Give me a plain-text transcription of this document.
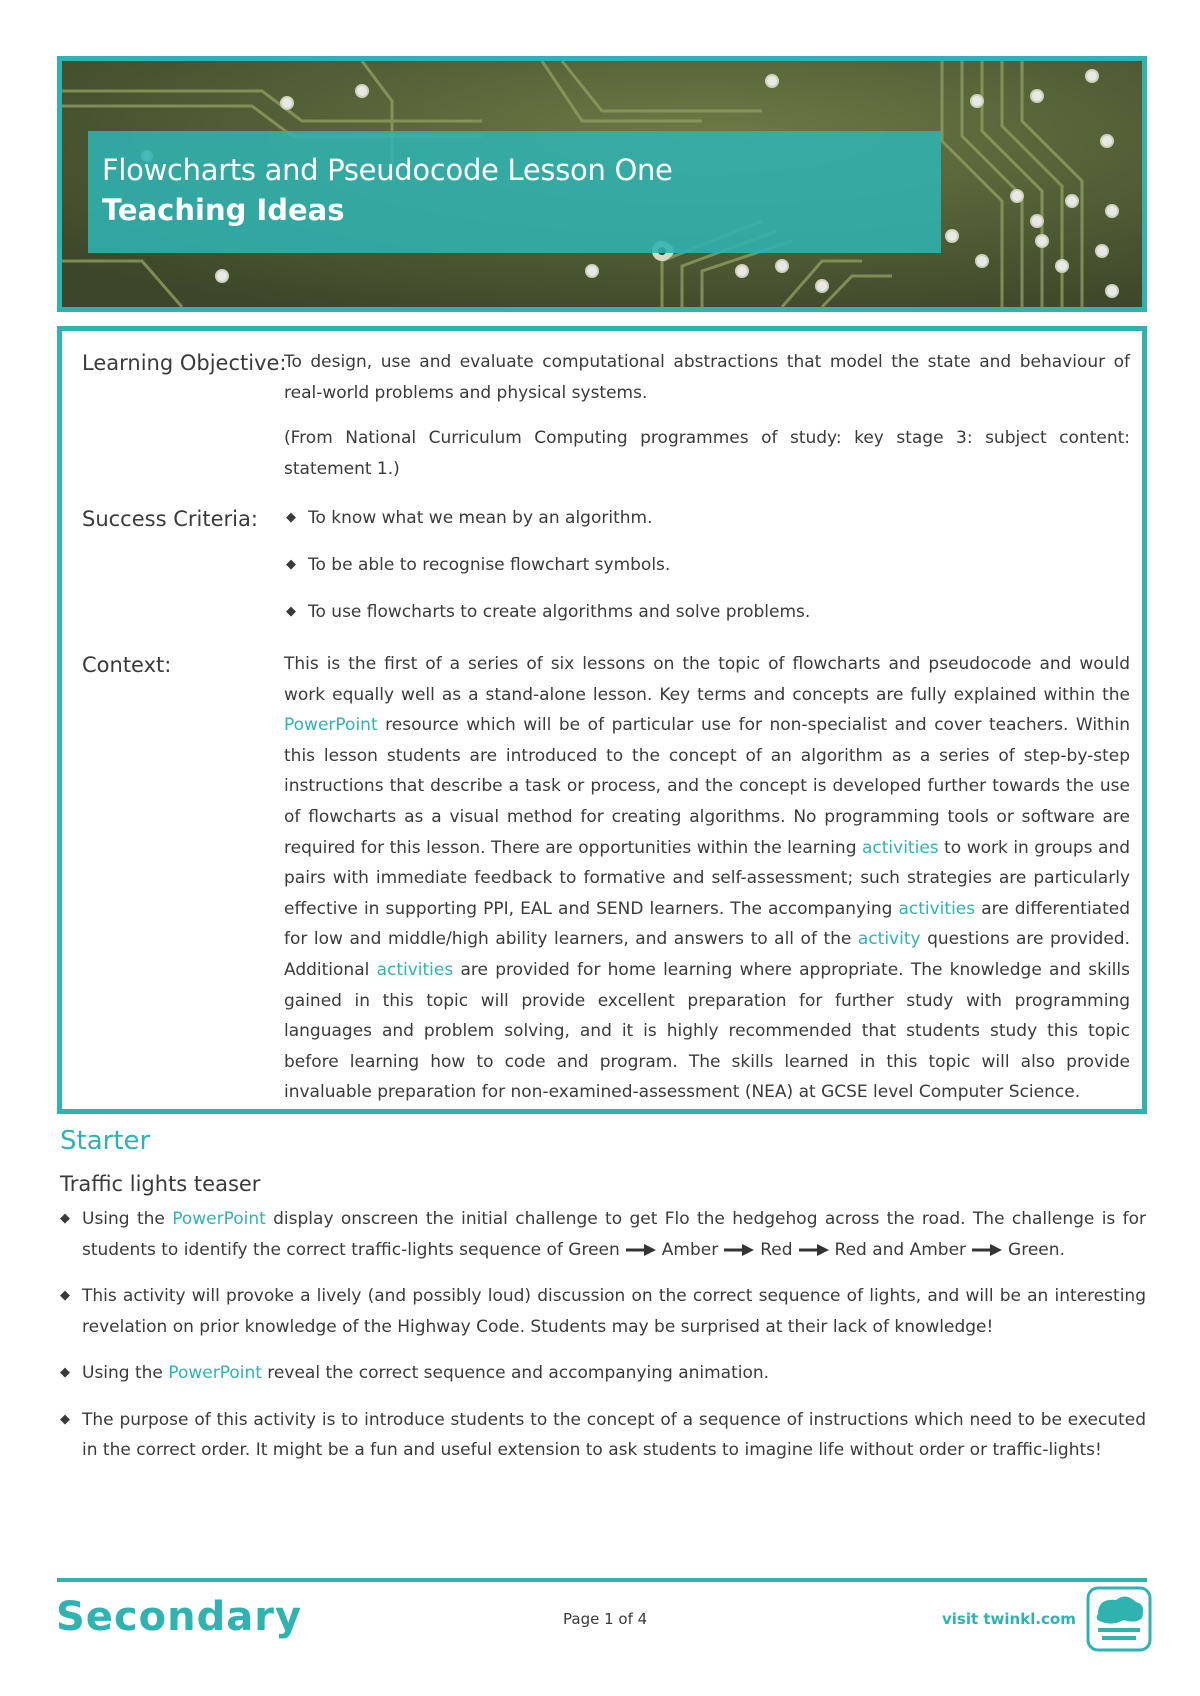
Flowcharts and Pseudocode Lesson One
Teaching Ideas
Learning Objective:

To design, use and evaluate computational abstractions that model the state and behaviour of real-world problems and physical systems.

(From National Curriculum Computing programmes of study: key stage 3: subject content: statement 1.)

Success Criteria: ◆ To know what we mean by an algorithm.
◆ To be able to recognise flowchart symbols.
◆ To use flowcharts to create algorithms and solve problems.
Context:	This is the first of a series of six lessons on the topic of flowcharts and pseudocode and would work equally well as a stand-alone lesson. Key terms and concepts are fully explained within the PowerPoint resource which will be of particular use for non-specialist and cover teachers. Within this lesson students are introduced to the concept of an algorithm as a series of step-by-step instructions that describe a task or process, and the concept is developed further towards the use of flowcharts as a visual method for creating algorithms. No programming tools or software are required for this lesson. There are opportunities within the learning activities to work in groups and pairs with immediate feedback to formative and self-assessment; such strategies are particularly effective in supporting PPI, EAL and SEND learners. The accompanying activities are differentiated for low and middle/high ability learners, and answers to all of the activity questions are provided. Additional activities are provided for home learning where appropriate. The knowledge and skills gained in this topic will provide excellent preparation for further study with programming languages and problem solving, and it is highly recommended that students study this topic before learning how to code and program. The skills learned in this topic will also provide invaluable preparation for non-examined-assessment (NEA) at GCSE level Computer Science.

Starter
Traffic lights teaser
◆ Using the PowerPoint display onscreen the initial challenge to get Flo the hedgehog across the road. The challenge is for students to identify the correct traffic-lights sequence of Green Amber Red Red and Amber Green.
◆ This activity will provoke a lively (and possibly loud) discussion on the correct sequence of lights, and will be an interesting revelation on prior knowledge of the Highway Code. Students may be surprised at their lack of knowledge!
◆ Using the PowerPoint reveal the correct sequence and accompanying animation.
◆ The purpose of this activity is to introduce students to the concept of a sequence of instructions which need to be executed in the correct order. It might be a fun and useful extension to ask students to imagine life without order or traffic-lights!
Secondary	Page 1 of 4	visit twinkl.com
